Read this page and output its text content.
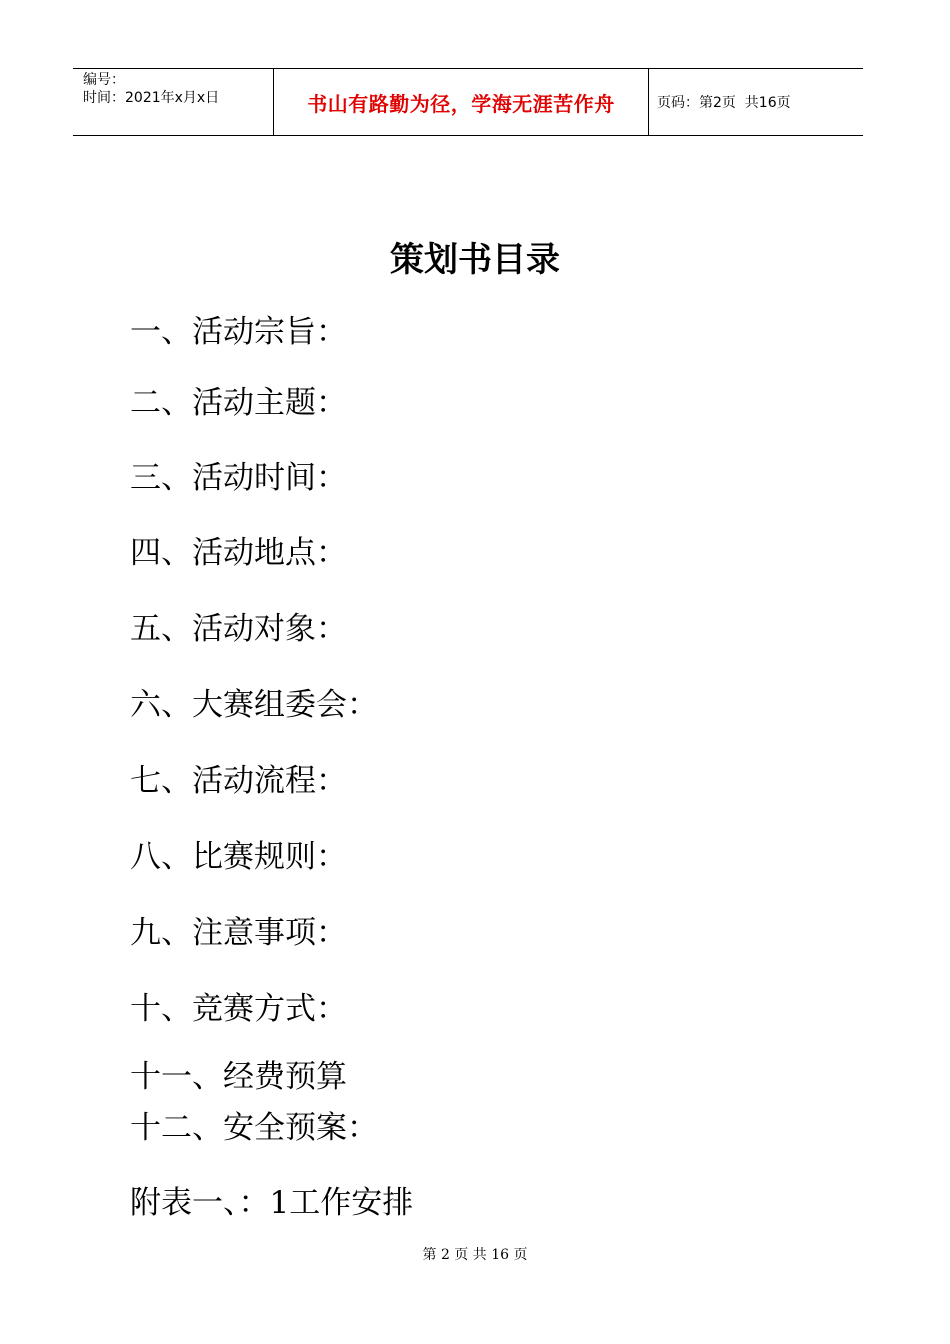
编号：
时间：2021年x月x日	书山有路勤为径，学海无涯苦作舟	页码：第2页  共16页
策划书目录
一、活动宗旨：
二、活动主题：
三、活动时间：
四、活动地点：
五、活动对象：
六、大赛组委会：
七、活动流程：
八、比赛规则：
九、注意事项：
十、竞赛方式：
十一、经费预算
十二、安全预案：
附表一、：1工作安排
第 2 页 共 16 页
